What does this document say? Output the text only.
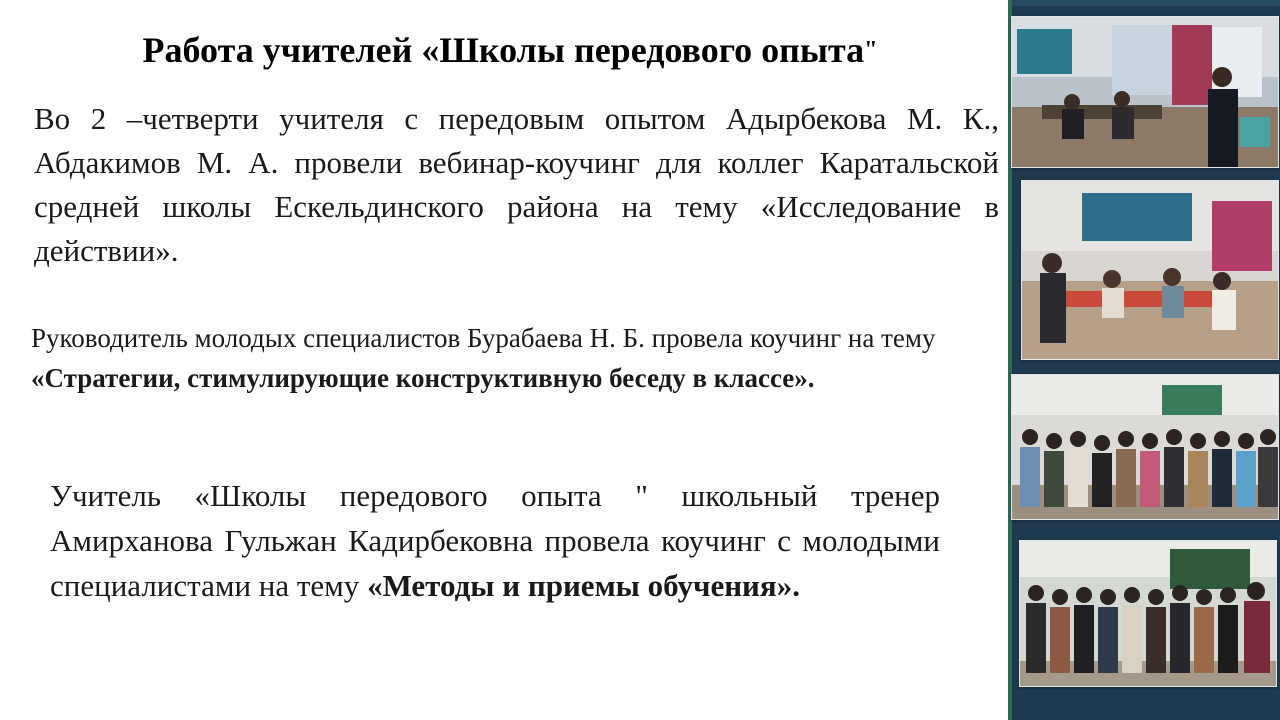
Работа учителей «Школы передового опыта"

Во 2 –четверти учителя с передовым опытом Адырбекова М. К., Абдакимов М. А. провели вебинар-коучинг для коллег Каратальской средней школы Ескельдинского района на тему «Исследование в действии».

Руководитель молодых специалистов Бурабаева Н. Б. провела коучинг на тему «Стратегии, стимулирующие конструктивную беседу в классе».

Учитель «Школы передового опыта " школьный тренер Амирханова Гульжан Кадирбековна провела коучинг с молодыми специалистами на тему «Методы и приемы обучения».
